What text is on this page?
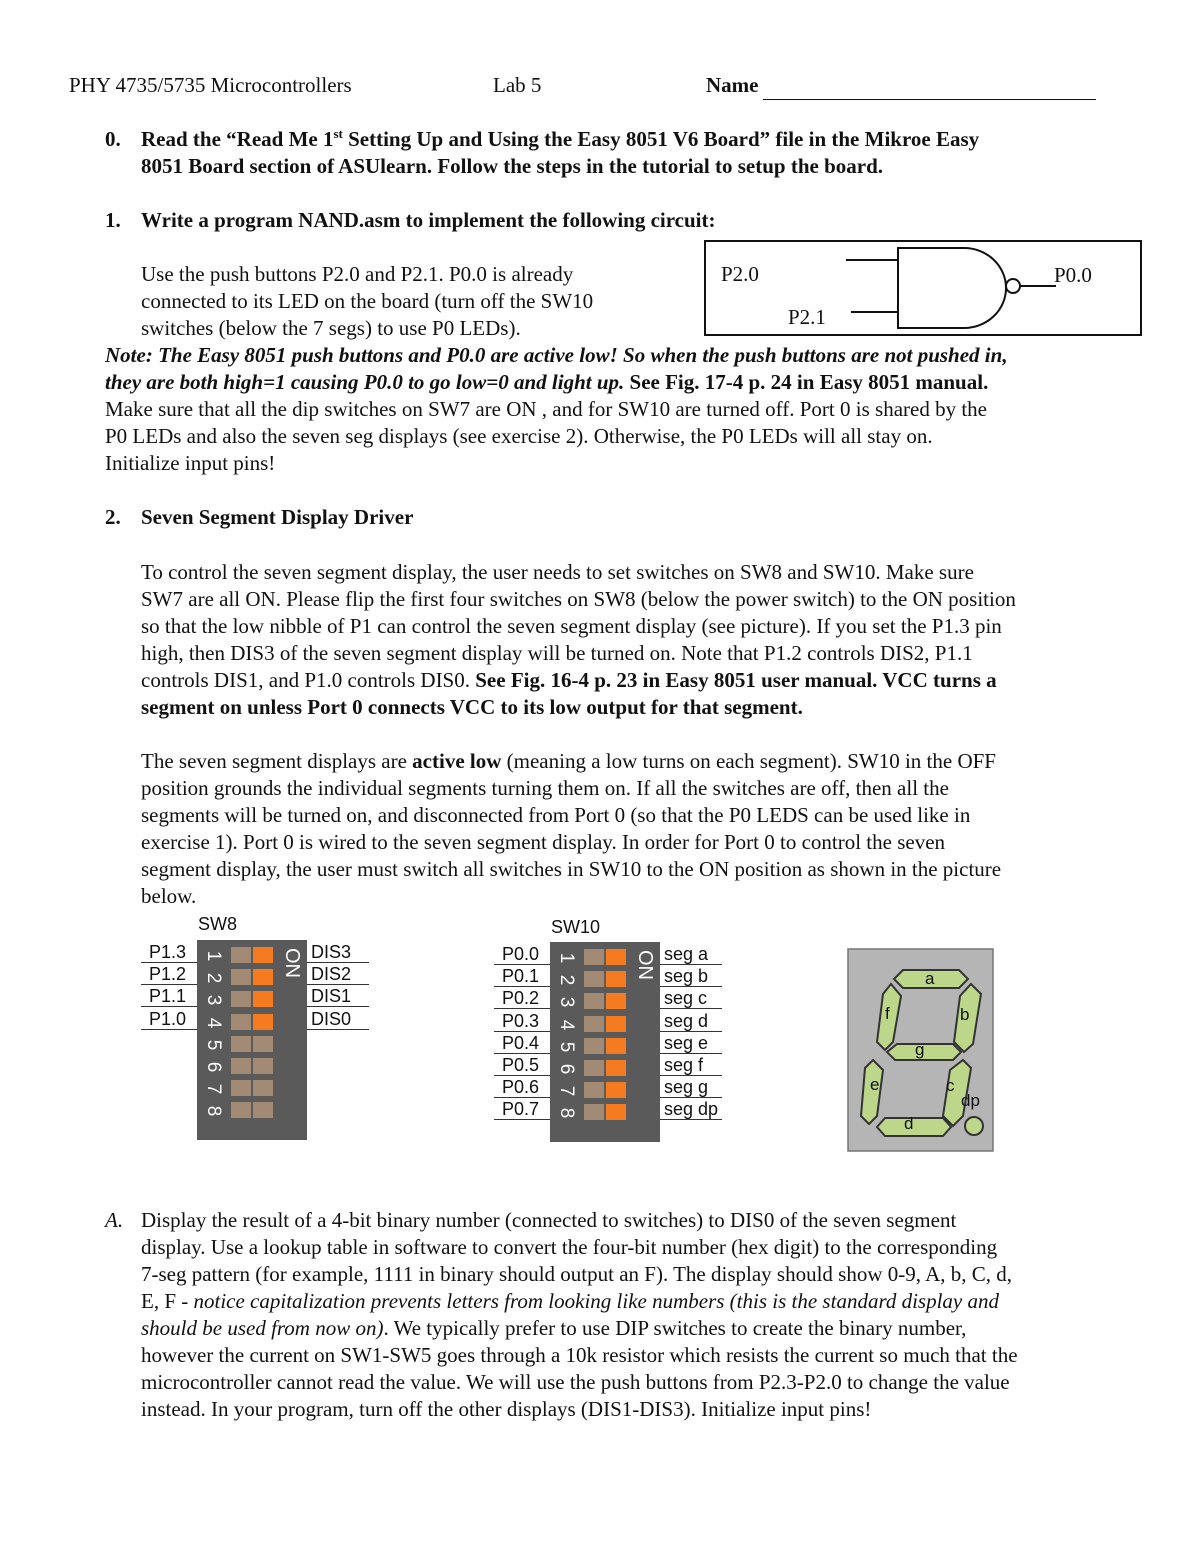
PHY 4735/5735 Microcontrollers	Lab 5	Name
0. Read the “Read Me 1st Setting Up and Using the Easy 8051 V6 Board” file in the Mikroe Easy
8051 Board section of ASUlearn. Follow the steps in the tutorial to setup the board.
1. Write a program NAND.asm to implement the following circuit:
Use the push buttons P2.0 and P2.1. P0.0 is already
connected to its LED on the board (turn off the SW10
switches (below the 7 segs) to use P0 LEDs).
P2.0
P2.1
P0.0
Note: The Easy 8051 push buttons and P0.0 are active low! So when the push buttons are not pushed in,
they are both high=1 causing P0.0 to go low=0 and light up. See Fig. 17-4 p. 24 in Easy 8051 manual.
Make sure that all the dip switches on SW7 are ON , and for SW10 are turned off. Port 0 is shared by the
P0 LEDs and also the seven seg displays (see exercise 2). Otherwise, the P0 LEDs will all stay on.
Initialize input pins!
2. Seven Segment Display Driver
To control the seven segment display, the user needs to set switches on SW8 and SW10. Make sure
SW7 are all ON. Please flip the first four switches on SW8 (below the power switch) to the ON position
so that the low nibble of P1 can control the seven segment display (see picture). If you set the P1.3 pin
high, then DIS3 of the seven segment display will be turned on. Note that P1.2 controls DIS2, P1.1
controls DIS1, and P1.0 controls DIS0. See Fig. 16-4 p. 23 in Easy 8051 user manual. VCC turns a
segment on unless Port 0 connects VCC to its low output for that segment.
The seven segment displays are active low (meaning a low turns on each segment). SW10 in the OFF
position grounds the individual segments turning them on. If all the switches are off, then all the
segments will be turned on, and disconnected from Port 0 (so that the P0 LEDS can be used like in
exercise 1). Port 0 is wired to the seven segment display. In order for Port 0 to control the seven
segment display, the user must switch all switches in SW10 to the ON position as shown in the picture
below.
SW8
ON
1
2
3
4
5
6
7
8
P1.3
P1.2
P1.1
P1.0
DIS3
DIS2
DIS1
DIS0
SW10
ON
1
2
3
4
5
6
7
8
P0.0
P0.1
P0.2
P0.3
P0.4
P0.5
P0.6
P0.7
seg a
seg b
seg c
seg d
seg e
seg f
seg g
seg dp
a
b
c
d
e
f
g
dp
A. Display the result of a 4-bit binary number (connected to switches) to DIS0 of the seven segment
display. Use a lookup table in software to convert the four-bit number (hex digit) to the corresponding
7-seg pattern (for example, 1111 in binary should output an F). The display should show 0-9, A, b, C, d,
E, F - notice capitalization prevents letters from looking like numbers (this is the standard display and
should be used from now on). We typically prefer to use DIP switches to create the binary number,
however the current on SW1-SW5 goes through a 10k resistor which resists the current so much that the
microcontroller cannot read the value. We will use the push buttons from P2.3-P2.0 to change the value
instead. In your program, turn off the other displays (DIS1-DIS3). Initialize input pins!
